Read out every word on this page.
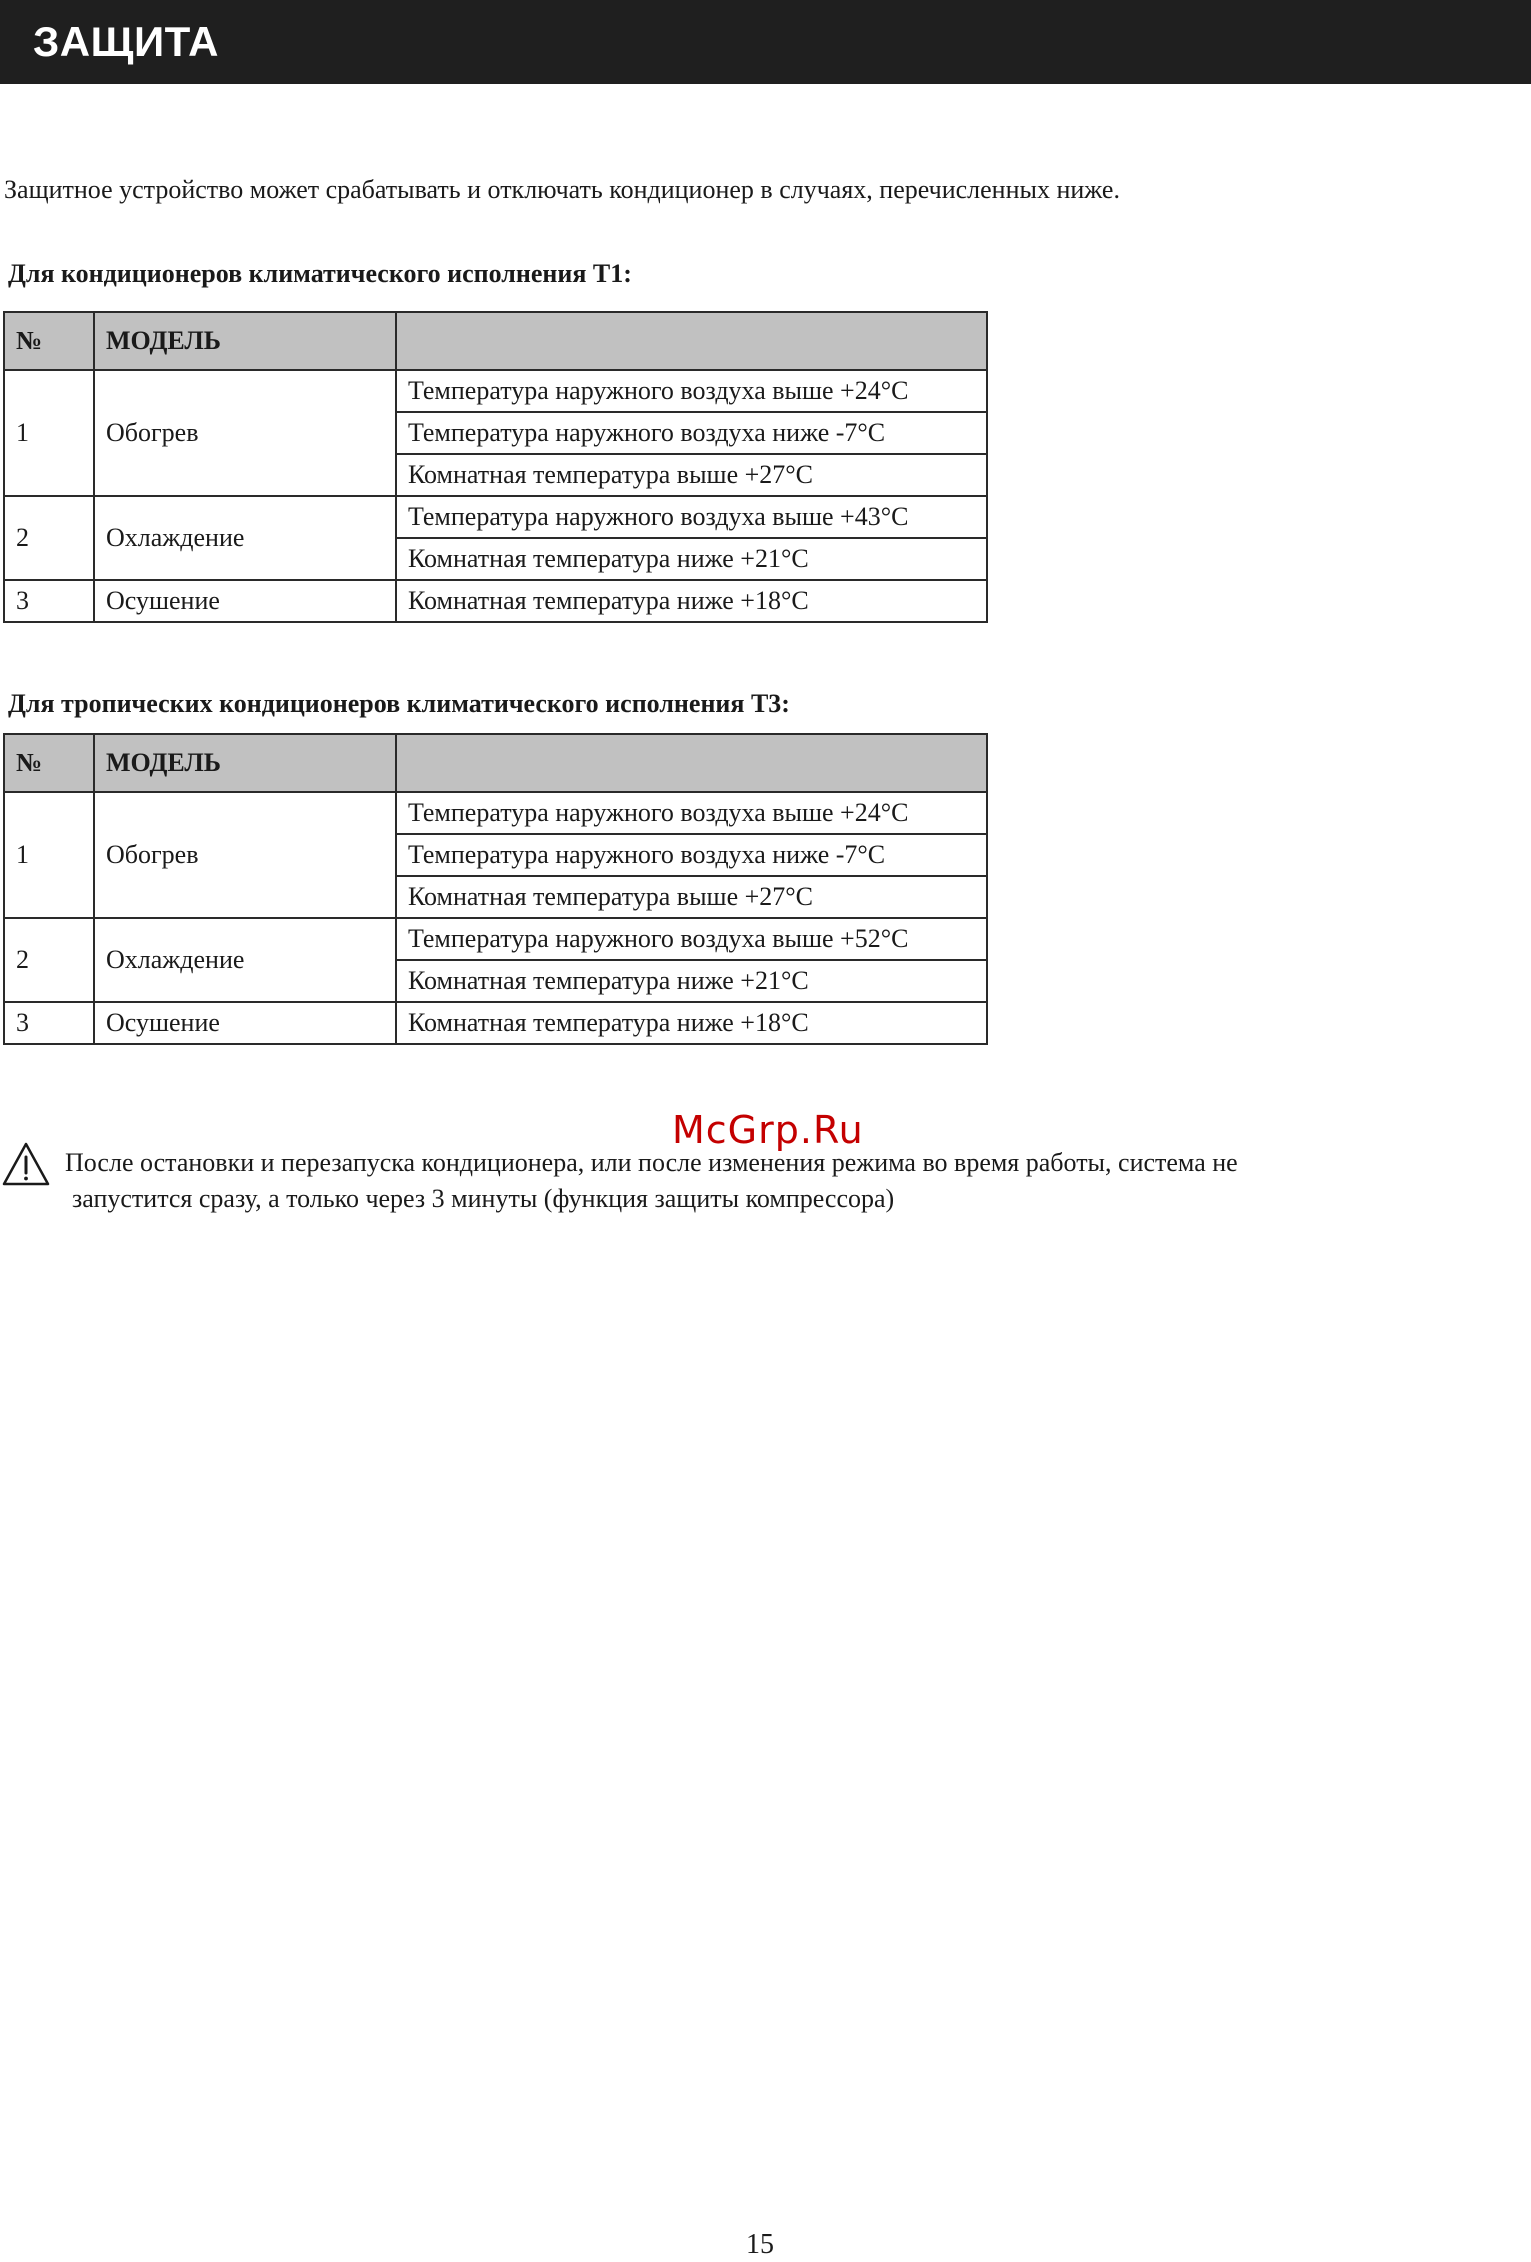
ЗАЩИТА
Защитное устройство может срабатывать и отключать кондиционер в случаях, перечисленных ниже.
Для кондиционеров климатического исполнения Т1:
№	МОДЕЛЬ	
1	Обогрев	Температура наружного воздуха выше +24°C
		Температура наружного воздуха ниже -7°C
		Комнатная температура выше +27°C
2	Охлаждение	Температура наружного воздуха выше +43°C
		Комнатная температура ниже +21°C
3	Осушение	Комнатная температура ниже +18°C
Для тропических кондиционеров климатического исполнения Т3:
№	МОДЕЛЬ	
1	Обогрев	Температура наружного воздуха выше +24°C
		Температура наружного воздуха ниже -7°C
		Комнатная температура выше +27°C
2	Охлаждение	Температура наружного воздуха выше +52°C
		Комнатная температура ниже +21°C
3	Осушение	Комнатная температура ниже +18°C
McGrp.Ru
После остановки и перезапуска кондиционера, или после изменения режима во время работы, система не
запустится сразу, а только через 3 минуты (функция защиты компрессора)
15
